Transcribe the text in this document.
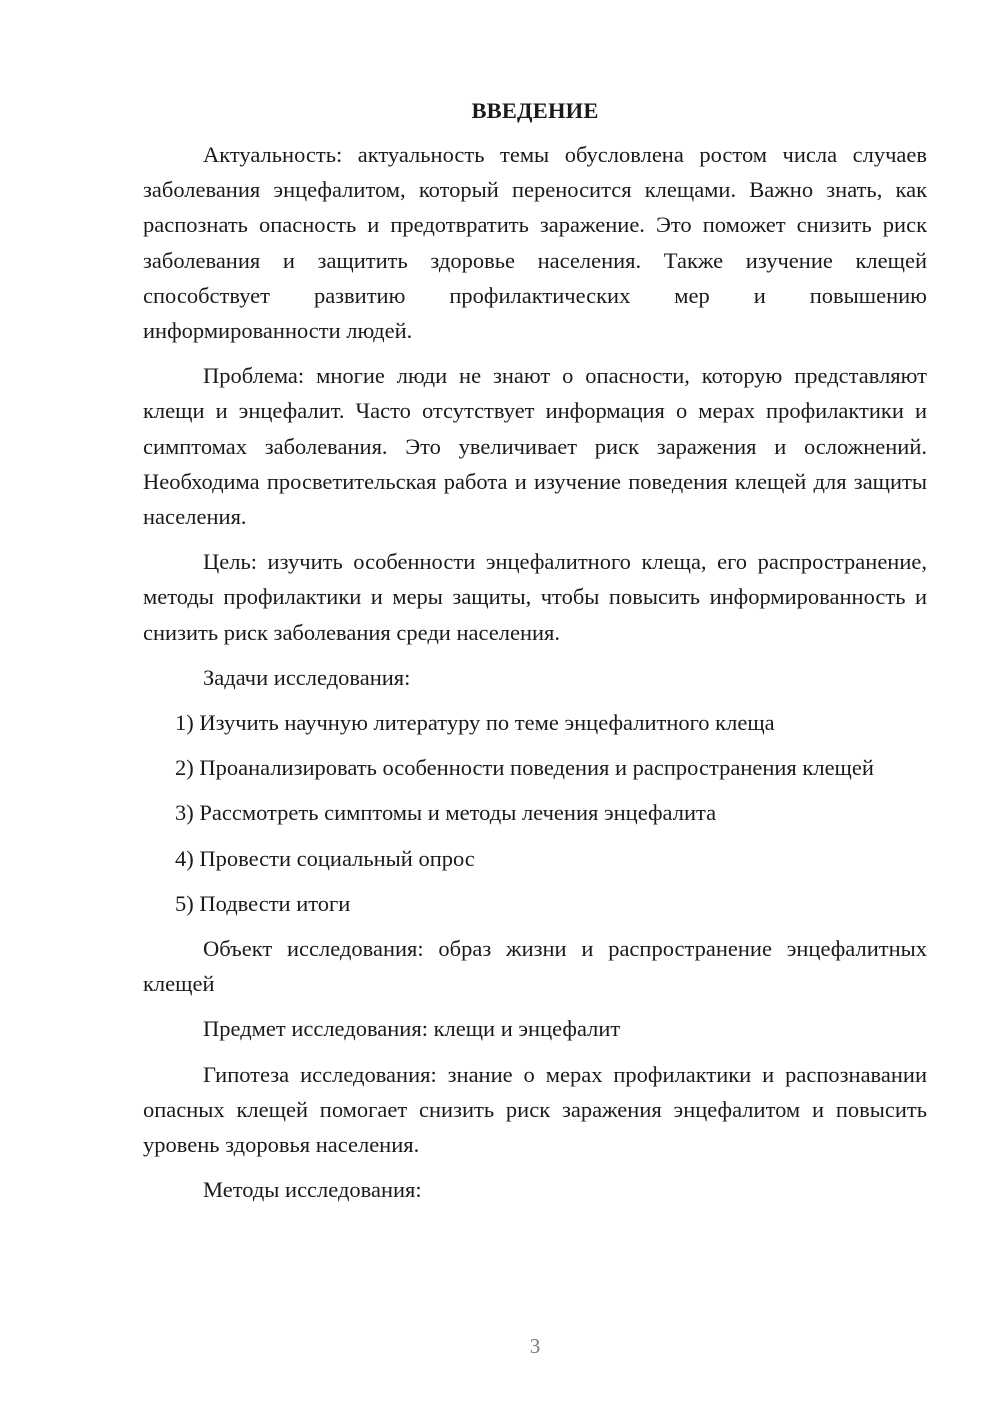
ВВЕДЕНИЕ

Актуальность: актуальность темы обусловлена ростом числа случаев заболевания энцефалитом, который переносится клещами. Важно знать, как распознать опасность и предотвратить заражение. Это поможет снизить риск заболевания и защитить здоровье населения. Также изучение клещей способствует развитию профилактических мер и повышению информированности людей.

Проблема: многие люди не знают о опасности, которую представляют клещи и энцефалит. Часто отсутствует информация о мерах профилактики и симптомах заболевания. Это увеличивает риск заражения и осложнений. Необходима просветительская работа и изучение поведения клещей для защиты населения.

Цель: изучить особенности энцефалитного клеща, его распространение, методы профилактики и меры защиты, чтобы повысить информированность и снизить риск заболевания среди населения.

Задачи исследования:

1) Изучить научную литературу по теме энцефалитного клеща

2) Проанализировать особенности поведения и распространения клещей

3) Рассмотреть симптомы и методы лечения энцефалита

4) Провести социальный опрос

5) Подвести итоги

Объект исследования: образ жизни и распространение энцефалитных клещей

Предмет исследования: клещи и энцефалит

Гипотеза исследования: знание о мерах профилактики и распознавании опасных клещей помогает снизить риск заражения энцефалитом и повысить уровень здоровья населения.

Методы исследования:

3
